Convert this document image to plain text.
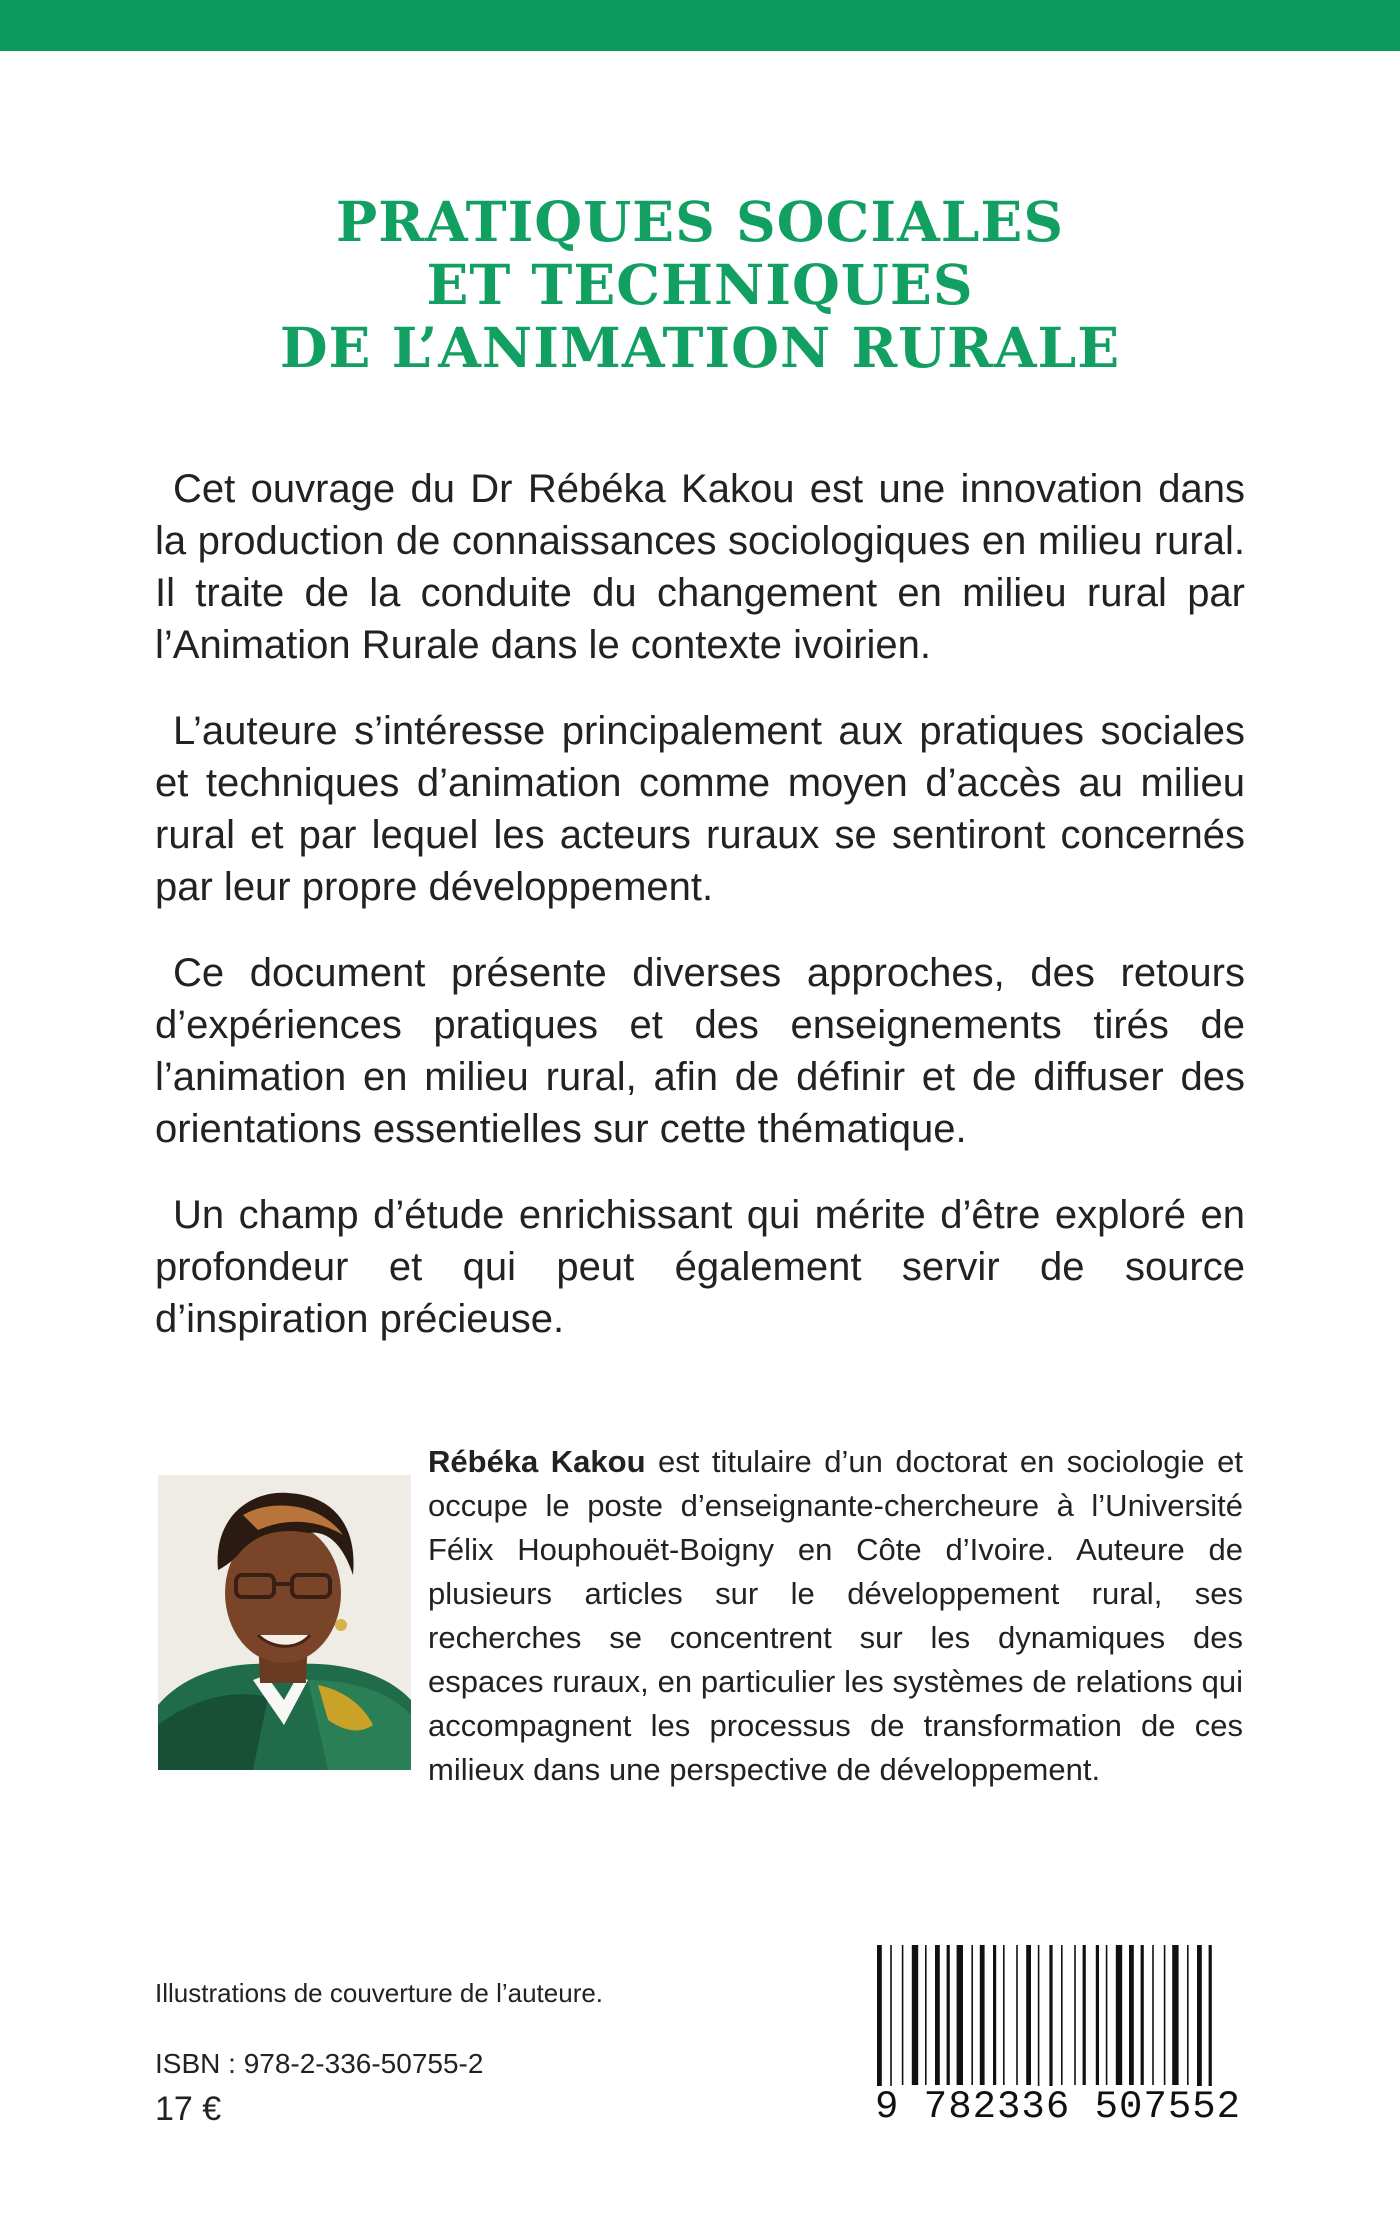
PRATIQUES SOCIALES
ET TECHNIQUES
DE L’ANIMATION RURALE

Cet ouvrage du Dr Rébéka Kakou est une innovation dans la production de connaissances sociologiques en milieu rural. Il traite de la conduite du changement en milieu rural par l’Animation Rurale dans le contexte ivoirien.

L’auteure s’intéresse principalement aux pratiques sociales et techniques d’animation comme moyen d’accès au milieu rural et par lequel les acteurs ruraux se sentiront concernés par leur propre développement.

Ce document présente diverses approches, des retours d’expériences pratiques et des enseignements tirés de l’animation en milieu rural, afin de définir et de diffuser des orientations essentielles sur cette thématique.

Un champ d’étude enrichissant qui mérite d’être exploré en profondeur et qui peut également servir de source d’inspiration précieuse.

Rébéka Kakou est titulaire d’un doctorat en sociologie et occupe le poste d’enseignante-chercheure à l’Université Félix Houphouët-Boigny en Côte d’Ivoire. Auteure de plusieurs articles sur le développement rural, ses recherches se concentrent sur les dynamiques des espaces ruraux, en particulier les systèmes de relations qui accompagnent les processus de transformation de ces milieux dans une perspective de développement.
Illustrations de couverture de l’auteure.
ISBN : 978-2-336-50755-2
17 €	9 782336 507552
